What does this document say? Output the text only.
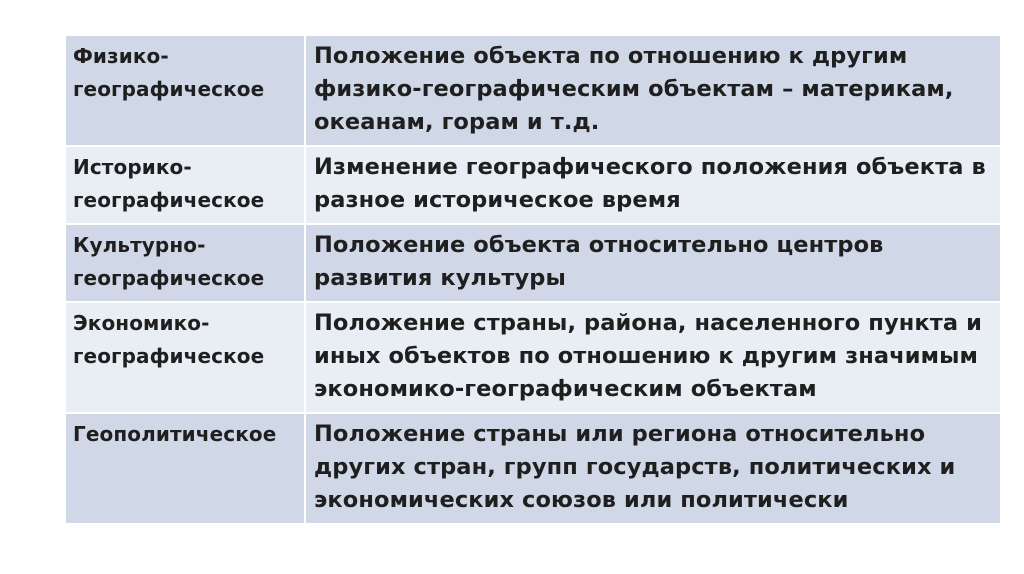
Физико-географическое	Положение объекта по отношению к другим физико-географическим объектам – материкам, океанам, горам и т.д.
Историко-географическое	Изменение географического положения объекта в разное историческое время
Культурно-географическое	Положение объекта относительно центров развития культуры
Экономико-географическое	Положение страны, района, населенного пункта и иных объектов по отношению к другим значимым экономико-географическим объектам
Геополитическое	Положение страны или региона относительно других стран, групп государств, политических и экономических союзов или политически
